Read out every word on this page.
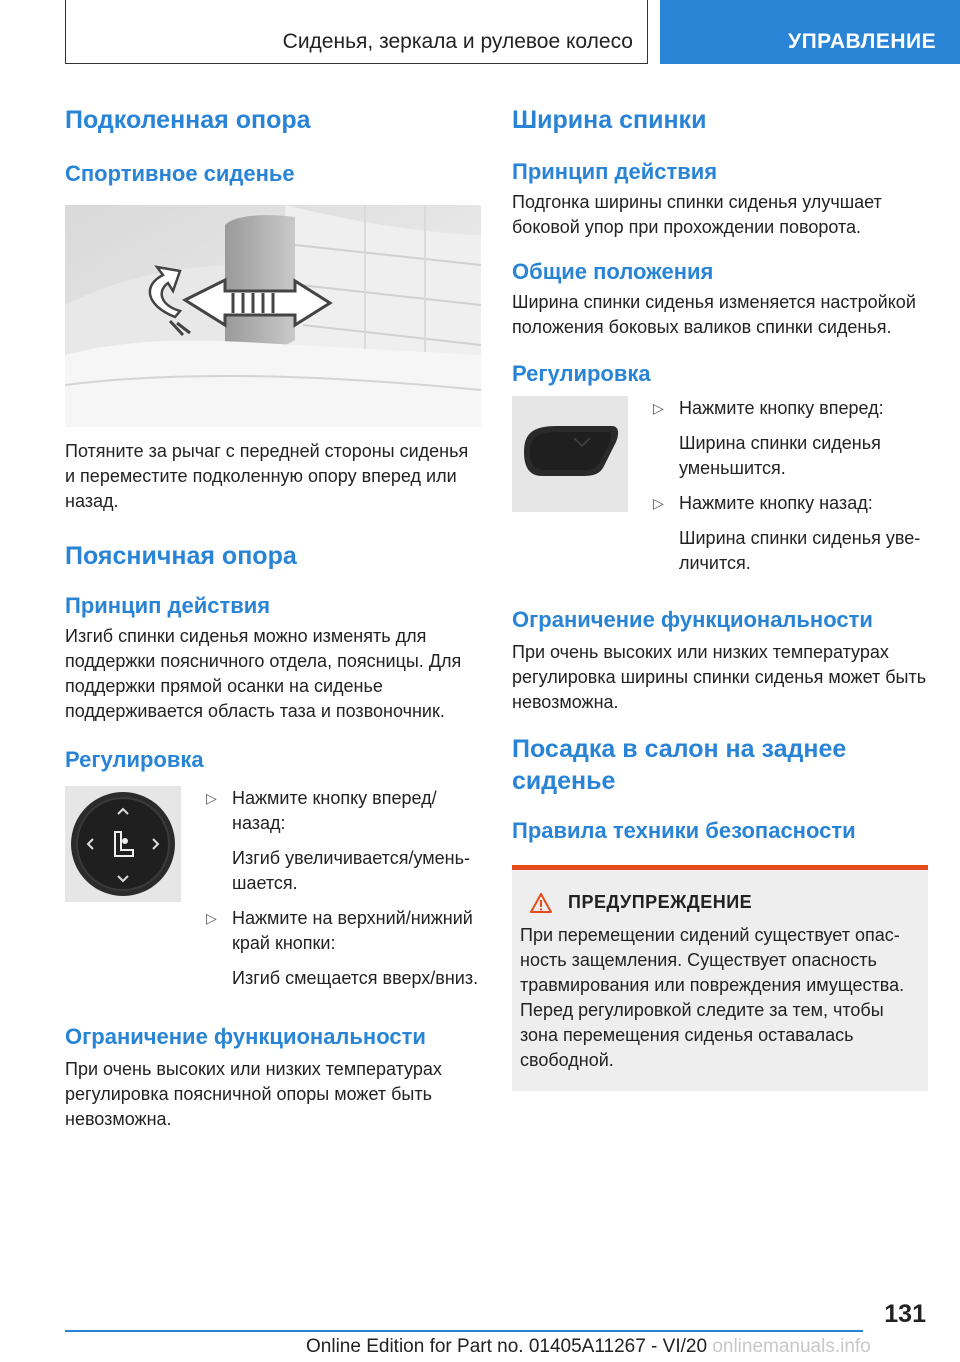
Сиденья, зеркала и рулевое колесо	УПРАВЛЕНИЕ
Подколенная опора
Спортивное сиденье

Потяните за рычаг с передней стороны сиденья и переместите подколенную опору вперед или назад.

Поясничная опора
Принцип действия

Изгиб спинки сиденья можно изменять для поддержки поясничного отдела, поясницы. Для поддержки прямой осанки на сиденье поддерживается область таза и позвоночник.

Регулировка
▷ Нажмите кнопку вперед/назад:

Изгиб увеличивается/уменьшается.

▷ Нажмите на верхний/нижний край кнопки:

Изгиб смещается вверх/вниз.

Ограничение функциональности

При очень высоких или низких температурах регулировка поясничной опоры может быть невозможна.

Ширина спинки
Принцип действия

Подгонка ширины спинки сиденья улучшает боковой упор при прохождении поворота.

Общие положения

Ширина спинки сиденья изменяется настройкой положения боковых валиков спинки сиденья.

Регулировка
▷ Нажмите кнопку вперед:

Ширина спинки сиденья уменьшится.

▷ Нажмите кнопку назад:

Ширина спинки сиденья увеличится.

Ограничение функциональности

При очень высоких или низких температурах регулировка ширины спинки сиденья может быть невозможна.

Посадка в салон на заднее сиденье
Правила техники безопасности
ПРЕДУПРЕЖДЕНИЕ

При перемещении сидений существует опасность защемления. Существует опасность травмирования или повреждения имущества. Перед регулировкой следите за тем, чтобы зона перемещения сиденья оставалась свободной.

131
Online Edition for Part no. 01405A11267 - VI/20 onlinemanuals.info
